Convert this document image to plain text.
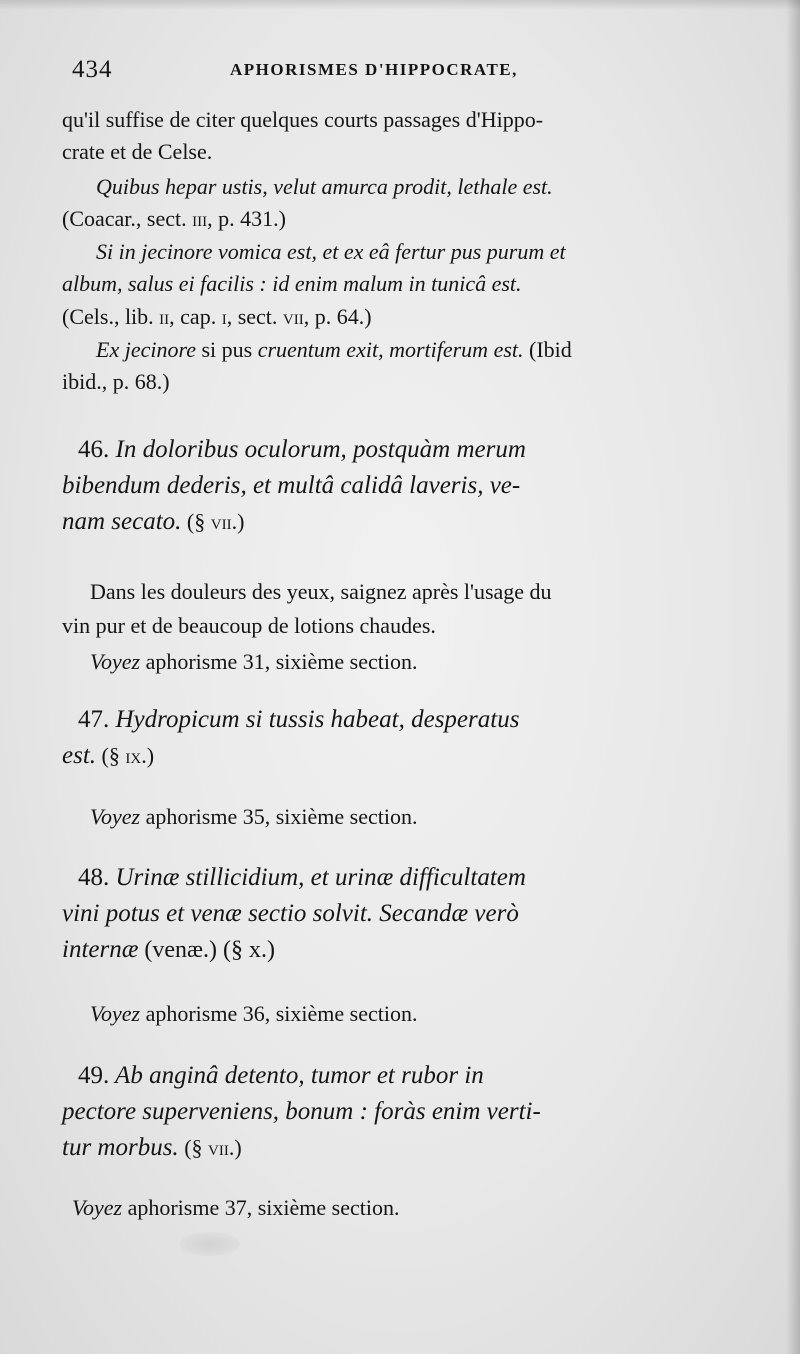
434	APHORISMES D'HIPPOCRATE,
qu'il suffise de citer quelques courts passages d'Hippo-
crate et de Celse.
Quibus hepar ustis, velut amurca prodit, lethale est.
(Coacar., sect. iii, p. 431.)
Si in jecinore vomica est, et ex eâ fertur pus purum et
album, salus ei facilis : id enim malum in tunicâ est.
(Cels., lib. ii, cap. i, sect. vii, p. 64.)
Ex jecinore si pus cruentum exit, mortiferum est. (Ibid
ibid., p. 68.)
46. In doloribus oculorum, postquàm merum
bibendum dederis, et multâ calidâ laveris, ve-
nam secato. (§ vii.)
Dans les douleurs des yeux, saignez après l'usage du
vin pur et de beaucoup de lotions chaudes.
Voyez aphorisme 31, sixième section.
47. Hydropicum si tussis habeat, desperatus
est. (§ ix.)
Voyez aphorisme 35, sixième section.
48. Urinæ stillicidium, et urinæ difficultatem
vini potus et venæ sectio solvit. Secandæ verò
internæ (venæ.) (§ x.)
Voyez aphorisme 36, sixième section.
49. Ab anginâ detento, tumor et rubor in
pectore superveniens, bonum : foràs enim verti-
tur morbus. (§ vii.)
Voyez aphorisme 37, sixième section.
